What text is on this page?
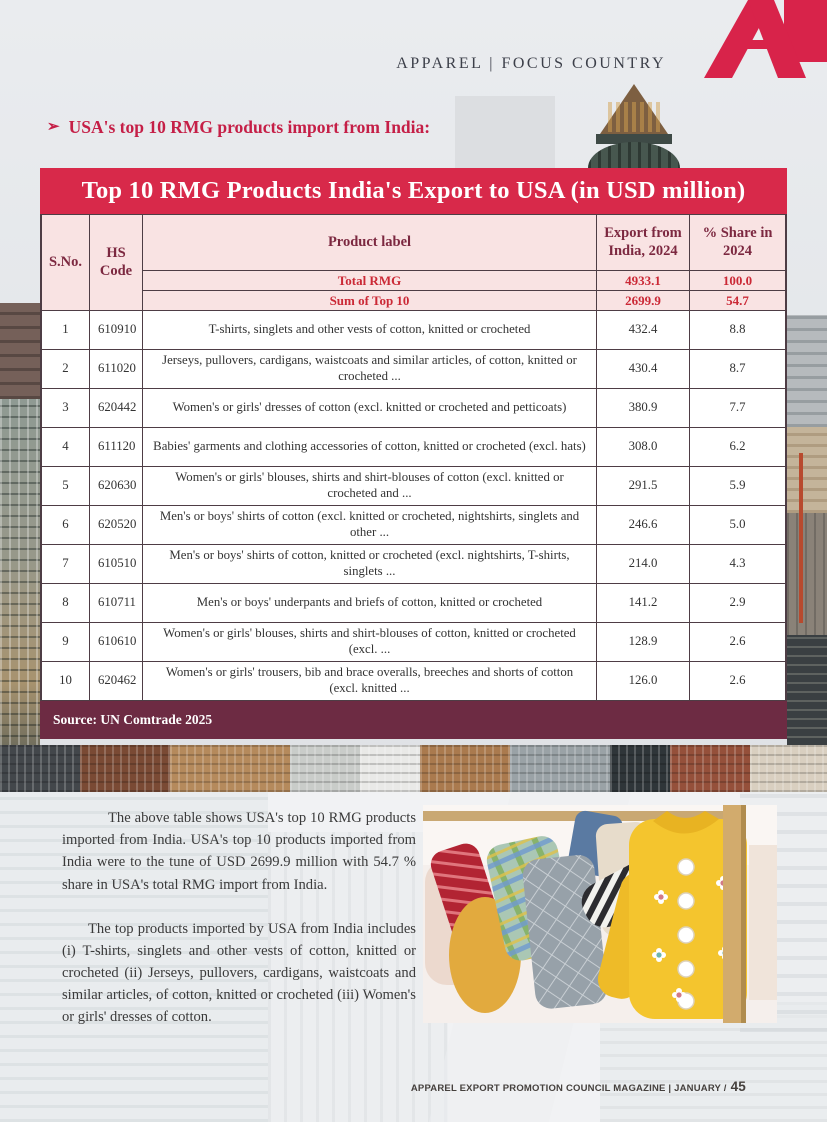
APPAREL | FOCUS COUNTRY
➢ USA's top 10 RMG products import from India:
Top 10 RMG Products India's Export to USA (in USD million)
S.No.	HS Code	Product label	Export from India, 2024	% Share in 2024
		Total RMG	4933.1	100.0
		Sum of Top 10	2699.9	54.7
1	610910	T-shirts, singlets and other vests of cotton, knitted or crocheted	432.4	8.8
2	611020	Jerseys, pullovers, cardigans, waistcoats and similar articles, of cotton, knitted or crocheted ...	430.4	8.7
3	620442	Women's or girls' dresses of cotton (excl. knitted or crocheted and petticoats)	380.9	7.7
4	611120	Babies' garments and clothing accessories of cotton, knitted or crocheted (excl. hats)	308.0	6.2
5	620630	Women's or girls' blouses, shirts and shirt-blouses of cotton (excl. knitted or crocheted and ...	291.5	5.9
6	620520	Men's or boys' shirts of cotton (excl. knitted or crocheted, nightshirts, singlets and other ...	246.6	5.0
7	610510	Men's or boys' shirts of cotton, knitted or crocheted (excl. nightshirts, T-shirts, singlets ...	214.0	4.3
8	610711	Men's or boys' underpants and briefs of cotton, knitted or crocheted	141.2	2.9
9	610610	Women's or girls' blouses, shirts and shirt-blouses of cotton, knitted or crocheted (excl. ...	128.9	2.6
10	620462	Women's or girls' trousers, bib and brace overalls, breeches and shorts of cotton (excl. knitted ...	126.0	2.6
Source: UN Comtrade 2025

The above table shows USA's top 10 RMG products imported from India. USA's top 10 products imported from India were to the tune of USD 2699.9 million with 54.7 % share in USA's total RMG import from India.

The top products imported by USA from India includes (i) T-shirts, singlets and other vests of cotton, knitted or crocheted (ii) Jerseys, pullovers, cardigans, waistcoats and similar articles, of cotton, knitted or crocheted (iii) Women's or girls' dresses of cotton.

APPAREL EXPORT PROMOTION COUNCIL MAGAZINE | JANUARY / 45
